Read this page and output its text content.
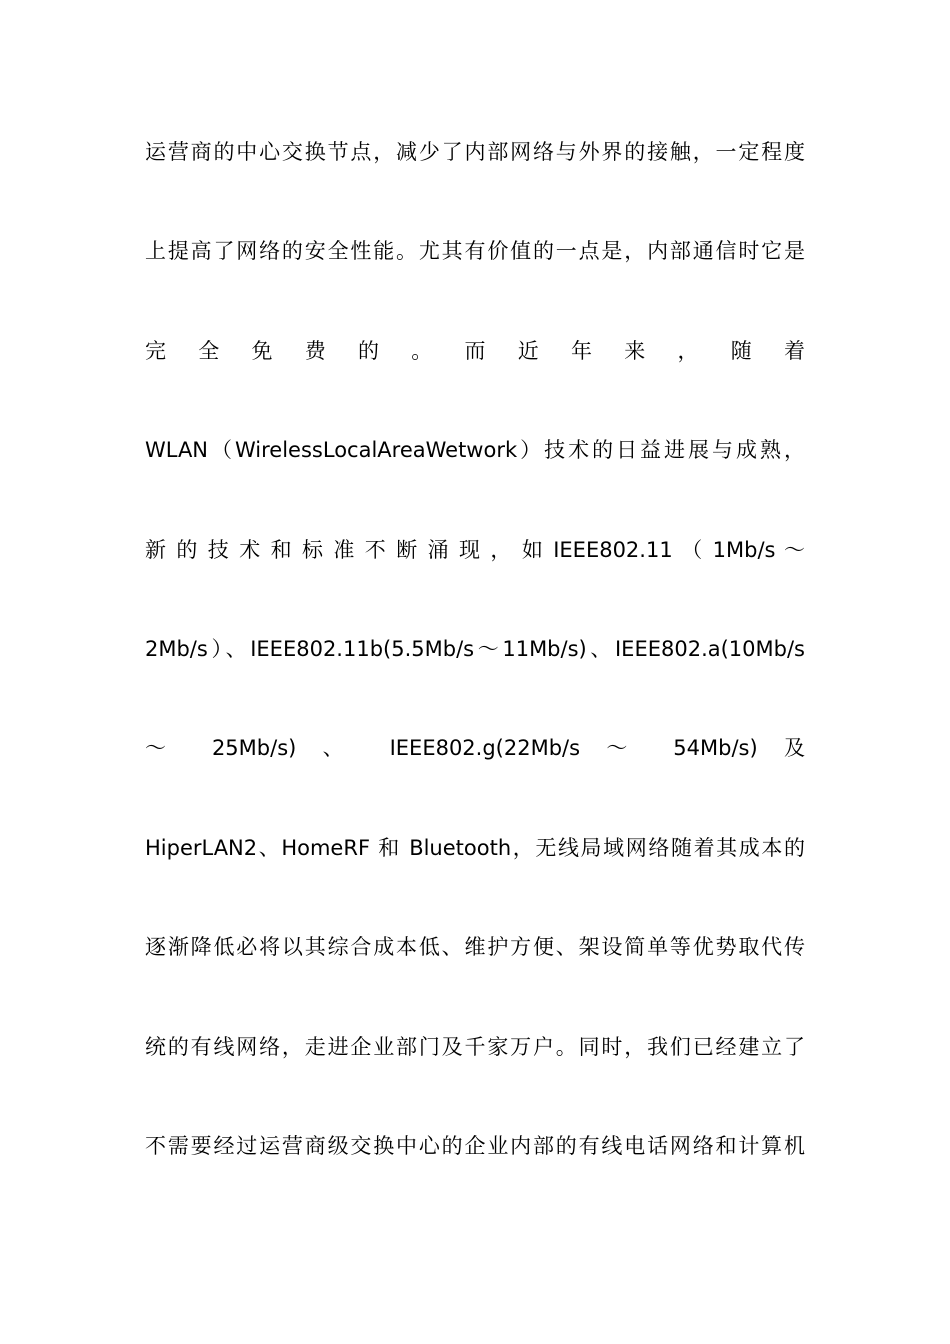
运营商的中心交换节点，减少了内部网络与外界的接触，一定程度
上提高了网络的安全性能。尤其有价值的一点是，内部通信时它是
完 全 免 费 的 。 而 近 年 来 ， 随 着
WLAN（WirelessLocalAreaWetwork）技术的日益进展与成熟，
新 的 技 术 和 标 准 不 断 涌 现 ， 如 IEEE802.11 （ 1Mb/s ～
2Mb/s）、IEEE802.11b(5.5Mb/s～11Mb/s)、IEEE802.a(10Mb/s
～ 25Mb/s) 、 IEEE802.g(22Mb/s ～ 54Mb/s) 及
HiperLAN2、HomeRF 和 Bluetooth，无线局域网络随着其成本的
逐渐降低必将以其综合成本低、维护方便、架设简单等优势取代传
统的有线网络，走进企业部门及千家万户。同时，我们已经建立了
不需要经过运营商级交换中心的企业内部的有线电话网络和计算机
